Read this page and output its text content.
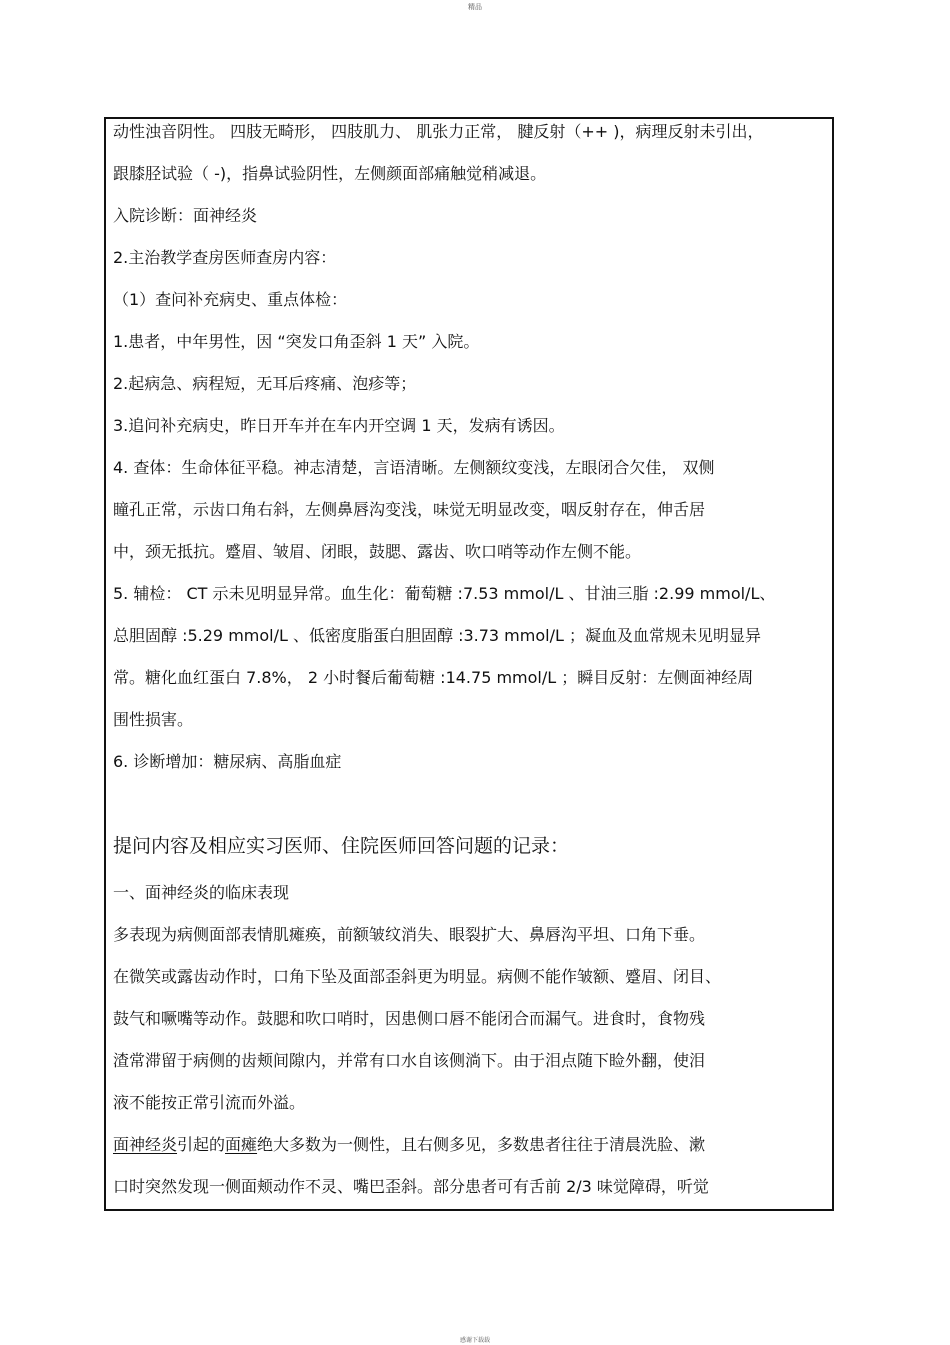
精品
动性浊音阴性。 四肢无畸形， 四肢肌力、 肌张力正常， 腱反射（++ )，病理反射未引出，
跟膝胫试验（ -)，指鼻试验阴性，左侧颜面部痛触觉稍减退。
入院诊断：面神经炎
2.主治教学查房医师查房内容：
（1）查问补充病史、重点体检：
1.患者，中年男性，因 “突发口角歪斜 1 天” 入院。
2.起病急、病程短，无耳后疼痛、泡疹等；
3.追问补充病史，昨日开车并在车内开空调 1 天，发病有诱因。
4. 查体：生命体征平稳。神志清楚，言语清晰。左侧额纹变浅，左眼闭合欠佳， 双侧
瞳孔正常，示齿口角右斜，左侧鼻唇沟变浅，味觉无明显改变，咽反射存在，伸舌居
中，颈无抵抗。蹙眉、皱眉、闭眼，鼓腮、露齿、吹口哨等动作左侧不能。
5. 辅检： CT 示未见明显异常。血生化：葡萄糖 :7.53 mmol/L 、甘油三脂 :2.99 mmol/L、
总胆固醇 :5.29 mmol/L 、低密度脂蛋白胆固醇 :3.73 mmol/L ；凝血及血常规未见明显异
常。糖化血红蛋白 7.8%， 2 小时餐后葡萄糖 :14.75 mmol/L ；瞬目反射：左侧面神经周
围性损害。
6. 诊断增加：糖尿病、高脂血症
提问内容及相应实习医师、住院医师回答问题的记录：
一、面神经炎的临床表现
多表现为病侧面部表情肌瘫痪，前额皱纹消失、眼裂扩大、鼻唇沟平坦、口角下垂。
在微笑或露齿动作时，口角下坠及面部歪斜更为明显。病侧不能作皱额、蹙眉、闭目、
鼓气和噘嘴等动作。鼓腮和吹口哨时，因患侧口唇不能闭合而漏气。进食时，食物残
渣常滞留于病侧的齿颊间隙内，并常有口水自该侧淌下。由于泪点随下睑外翻，使泪
液不能按正常引流而外溢。
面神经炎引起的面瘫绝大多数为一侧性，且右侧多见，多数患者往往于清晨洗脸、漱
口时突然发现一侧面颊动作不灵、嘴巴歪斜。部分患者可有舌前 2/3 味觉障碍，听觉
感谢下载载
